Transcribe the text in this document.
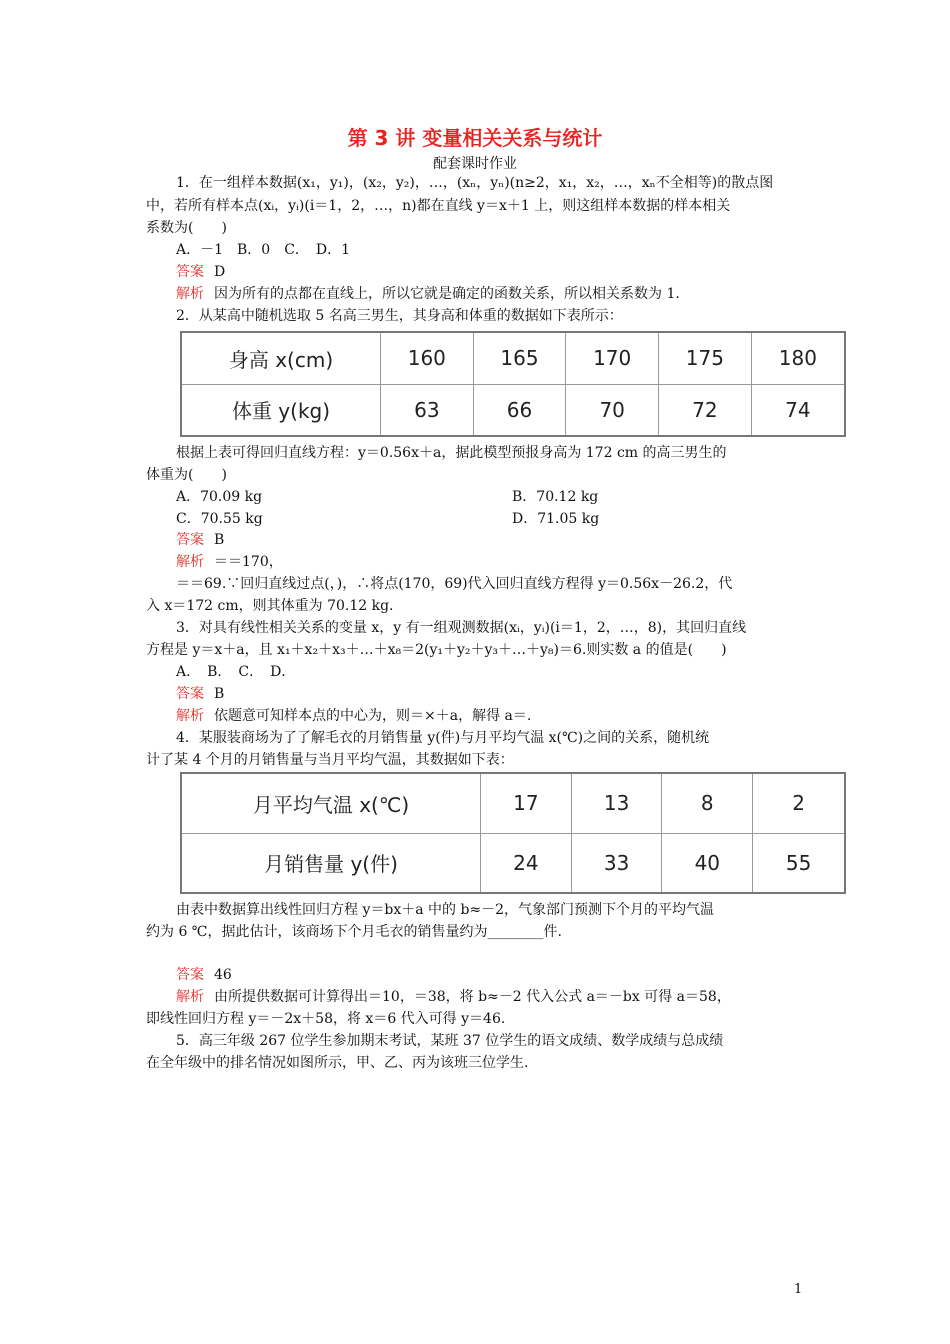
第 3 讲 变量相关关系与统计
配套课时作业
1．在一组样本数据(x₁，y₁)，(x₂，y₂)，…，(xₙ，yₙ)(n≥2，x₁，x₂，…，xₙ不全相等)的散点图
中，若所有样本点(xᵢ，yᵢ)(i＝1，2，…，n)都在直线 y＝x＋1 上，则这组样本数据的样本相关
系数为(　　)
A．－1　B．0　C．　D．1
答案 D
解析 因为所有的点都在直线上，所以它就是确定的函数关系，所以相关系数为 1.
2．从某高中随机选取 5 名高三男生，其身高和体重的数据如下表所示：
身高 x(cm)	160	165	170	175	180
体重 y(kg)	63	66	70	72	74
根据上表可得回归直线方程：y＝0.56x＋a，据此模型预报身高为 172 cm 的高三男生的
体重为(　　)
A．70.09 kg	B．70.12 kg
C．70.55 kg	D．71.05 kg
答案 B
解析 ＝＝170，
＝＝69.∵回归直线过点(，)，∴将点(170，69)代入回归直线方程得 y＝0.56x－26.2，代
入 x＝172 cm，则其体重为 70.12 kg.
3．对具有线性相关关系的变量 x，y 有一组观测数据(xᵢ，yᵢ)(i＝1，2，…，8)，其回归直线
方程是 y＝x＋a，且 x₁＋x₂＋x₃＋…＋x₈＝2(y₁＋y₂＋y₃＋…＋y₈)＝6.则实数 a 的值是(　　)
A．　B．　C．　D．
答案 B
解析 依题意可知样本点的中心为，则＝×＋a，解得 a＝.
4．某服装商场为了了解毛衣的月销售量 y(件)与月平均气温 x(℃)之间的关系，随机统
计了某 4 个月的月销售量与当月平均气温，其数据如下表：
月平均气温 x(℃)	17	13	8	2
月销售量 y(件)	24	33	40	55
由表中数据算出线性回归方程 y＝bx＋a 中的 b≈－2，气象部门预测下个月的平均气温
约为 6 ℃，据此估计，该商场下个月毛衣的销售量约为________件.
答案 46
解析 由所提供数据可计算得出＝10，＝38，将 b≈－2 代入公式 a＝－bx 可得 a＝58，
即线性回归方程 y＝－2x＋58，将 x＝6 代入可得 y＝46.
5．高三年级 267 位学生参加期末考试，某班 37 位学生的语文成绩、数学成绩与总成绩
在全年级中的排名情况如图所示，甲、乙、丙为该班三位学生.
1
